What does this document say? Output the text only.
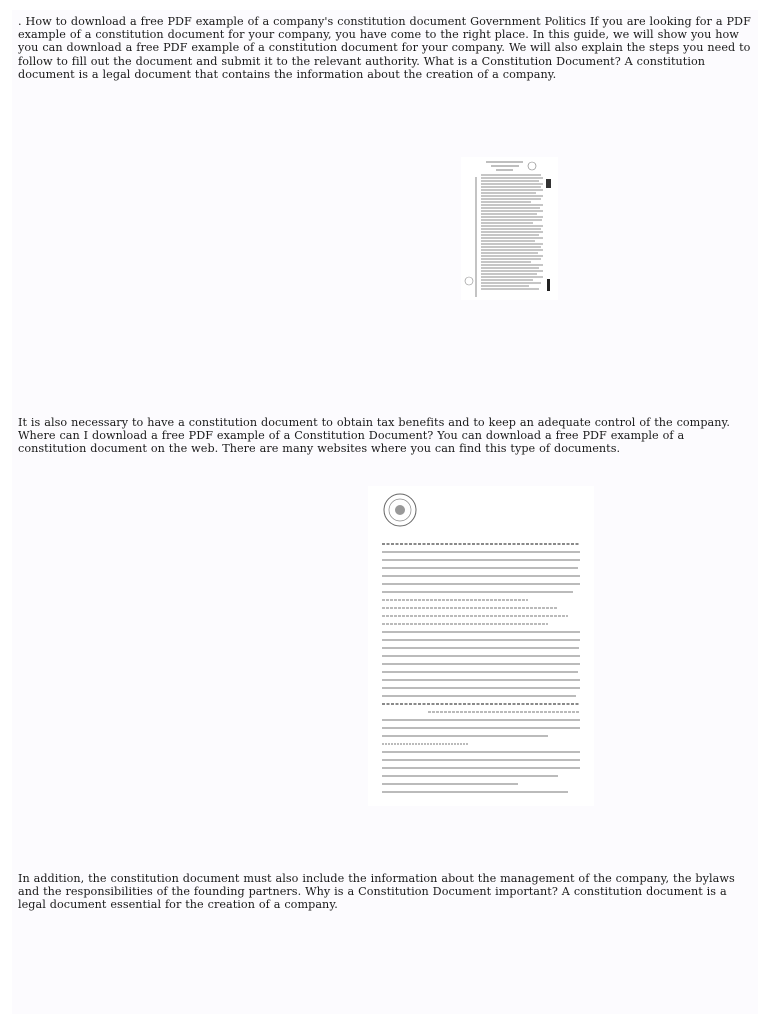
. How to download a free PDF example of a company's constitution document Government Politics If you are looking for a PDF example of a constitution document for your company, you have come to the right place. In this guide, we will show you how you can download a free PDF example of a constitution document for your company. We will also explain the steps you need to follow to fill out the document and submit it to the relevant authority. What is a Constitution Document? A constitution document is a legal document that contains the information about the creation of a company.

It is also necessary to have a constitution document to obtain tax benefits and to keep an adequate control of the company. Where can I download a free PDF example of a Constitution Document? You can download a free PDF example of a constitution document on the web. There are many websites where you can find this type of documents.

In addition, the constitution document must also include the information about the management of the company, the bylaws and the responsibilities of the founding partners. Why is a Constitution Document important? A constitution document is a legal document essential for the creation of a company.
